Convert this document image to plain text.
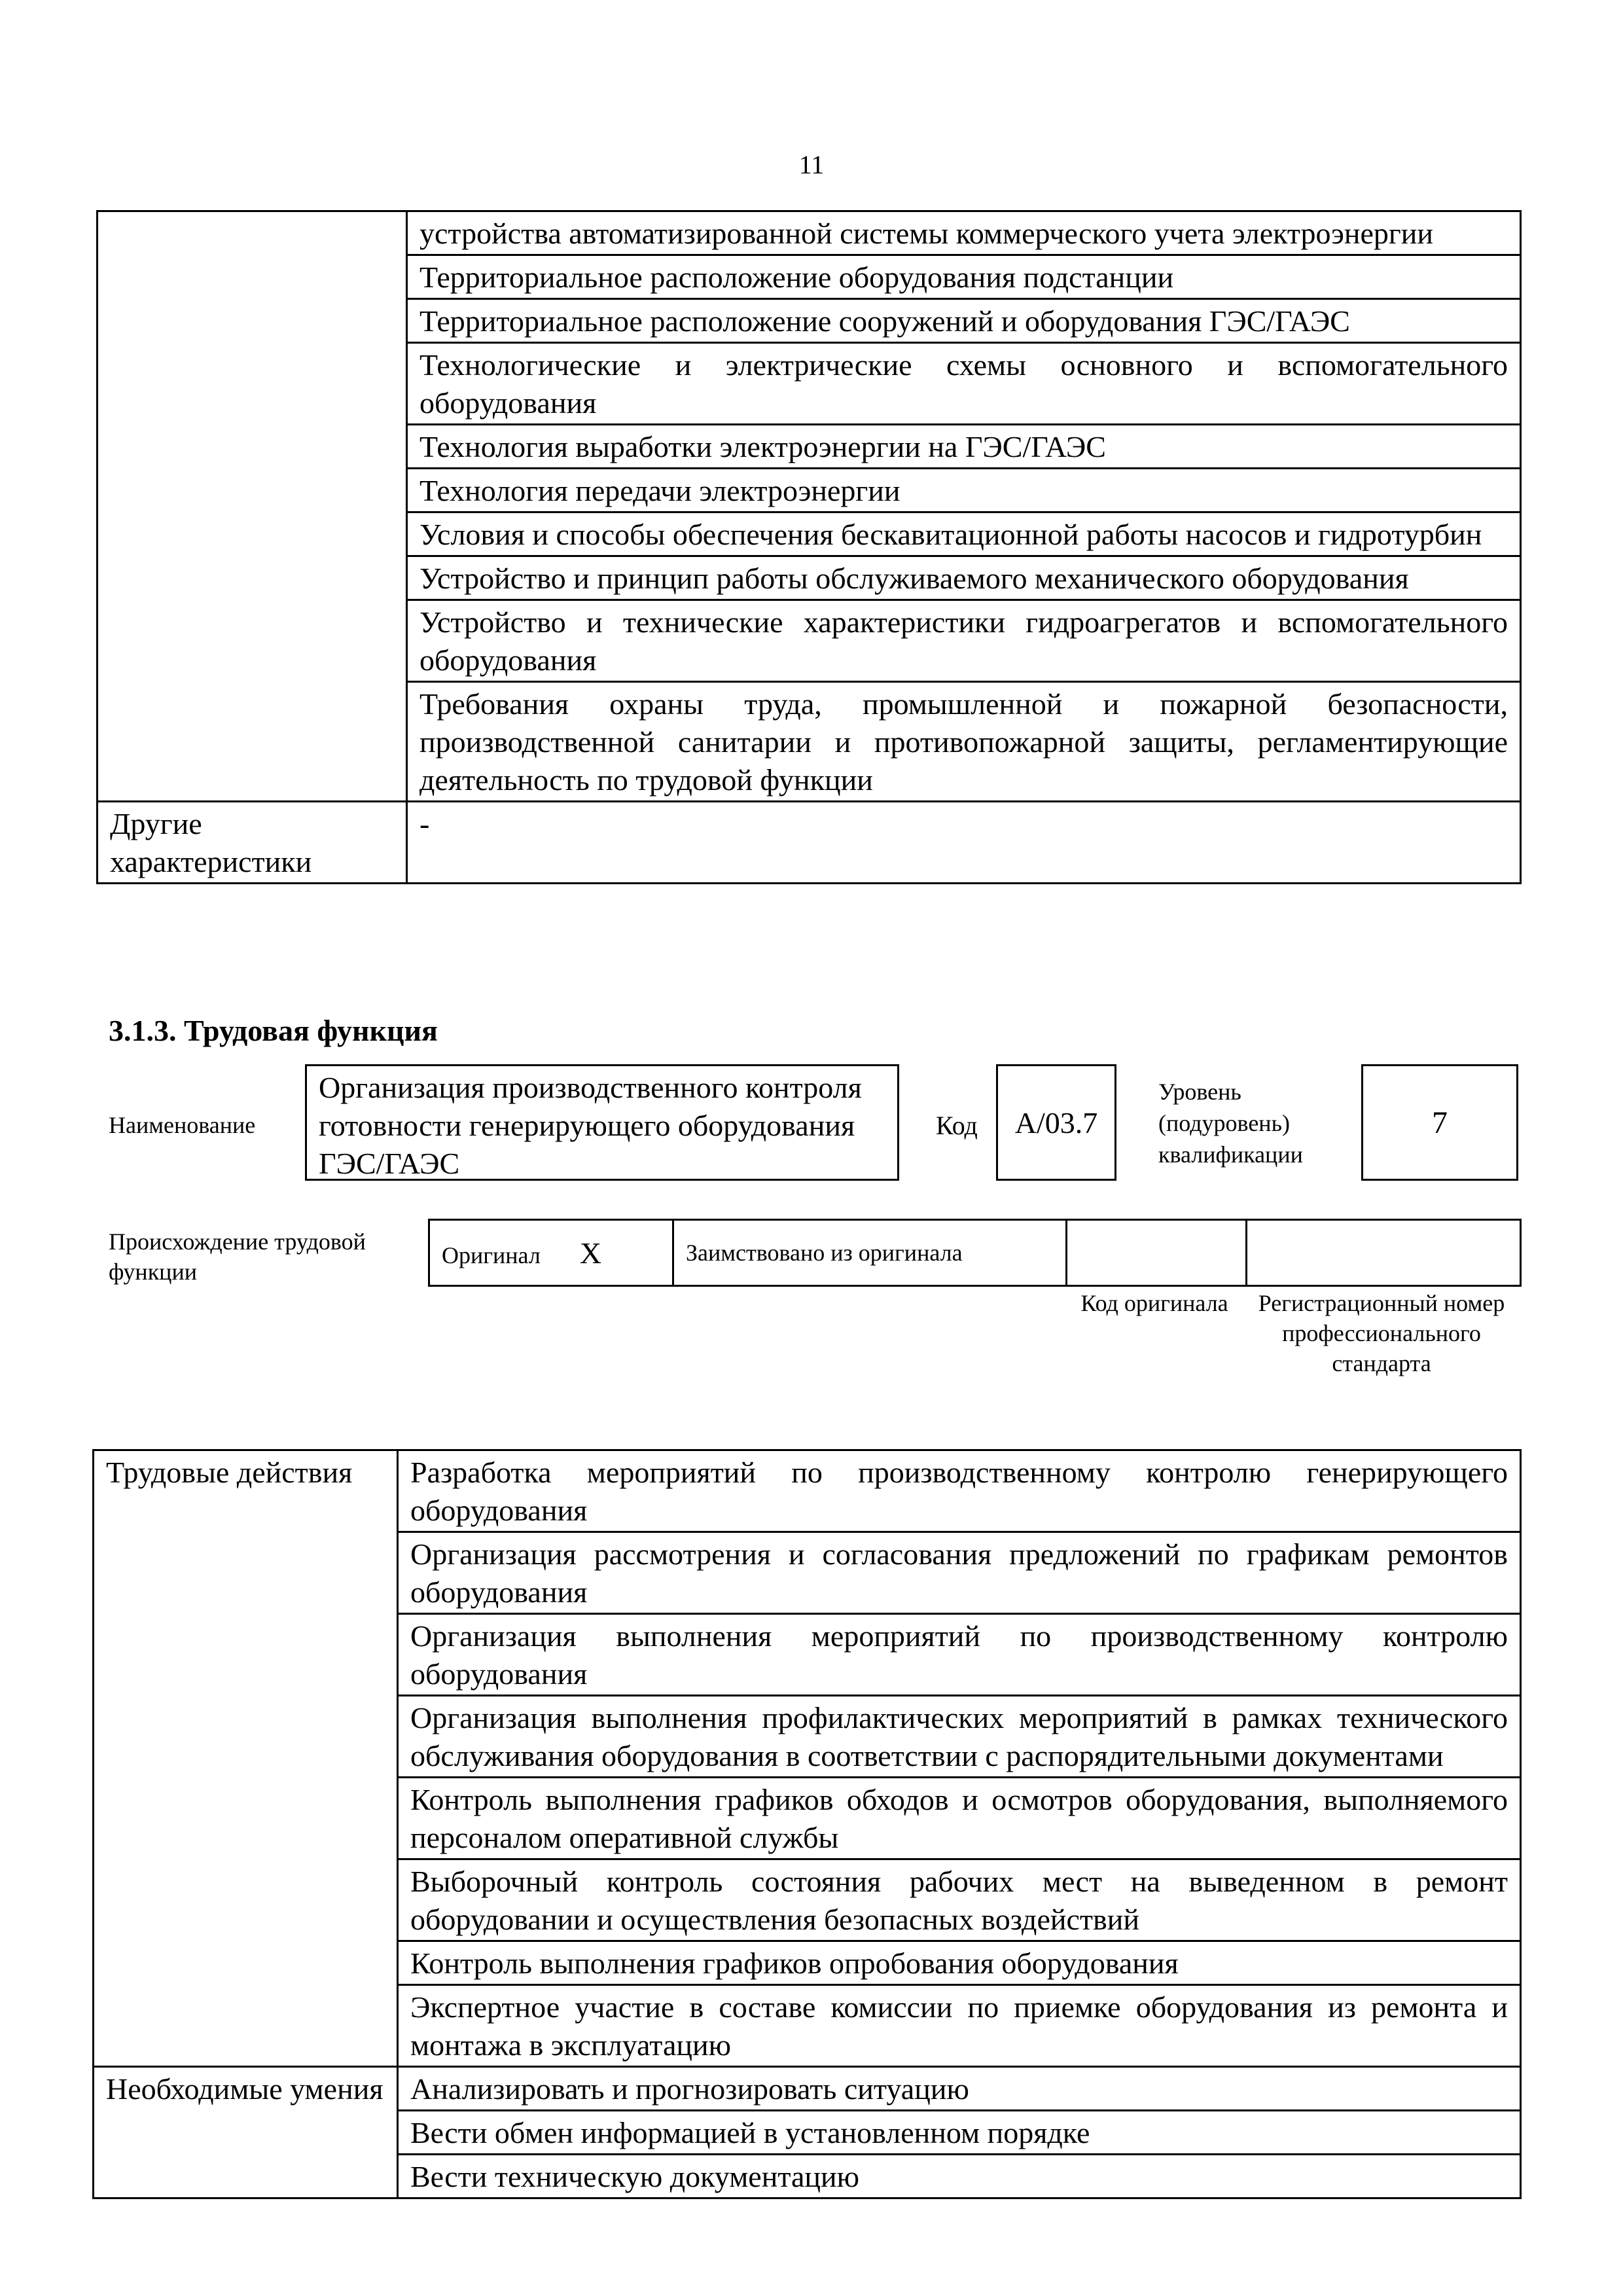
11
	устройства автоматизированной системы коммерческого учета электроэнергии
	Территориальное расположение оборудования подстанции
	Территориальное расположение сооружений и оборудования ГЭС/ГАЭС
	Технологические и электрические схемы основного и вспомогательного оборудования
	Технология выработки электроэнергии на ГЭС/ГАЭС
	Технология передачи электроэнергии
	Условия и способы обеспечения бескавитационной работы насосов и гидротурбин
	Устройство и принцип работы обслуживаемого механического оборудования
	Устройство и технические характеристики гидроагрегатов и вспомогательного оборудования
	Требования охраны труда, промышленной и пожарной безопасности, производственной санитарии и противопожарной защиты, регламентирующие деятельность по трудовой функции
Другие характеристики	-
3.1.3. Трудовая функция
Наименование
Организация производственного контроля готовности генерирующего оборудования ГЭС/ГАЭС
Код	А/03.7
Уровень (подуровень) квалификации
7
Происхождение трудовой функции
Оригинал X	Заимствовано из оригинала		
Код оригинала	Регистрационный номер профессионального стандарта
Трудовые действия	Разработка мероприятий по производственному контролю генерирующего оборудования
	Организация рассмотрения и согласования предложений по графикам ремонтов оборудования
	Организация выполнения мероприятий по производственному контролю оборудования
	Организация выполнения профилактических мероприятий в рамках технического обслуживания оборудования в соответствии с распорядительными документами
	Контроль выполнения графиков обходов и осмотров оборудования, выполняемого персоналом оперативной службы
	Выборочный контроль состояния рабочих мест на выведенном в ремонт оборудовании и осуществления безопасных воздействий
	Контроль выполнения графиков опробования оборудования
	Экспертное участие в составе комиссии по приемке оборудования из ремонта и монтажа в эксплуатацию
Необходимые умения	Анализировать и прогнозировать ситуацию
	Вести обмен информацией в установленном порядке
	Вести техническую документацию
